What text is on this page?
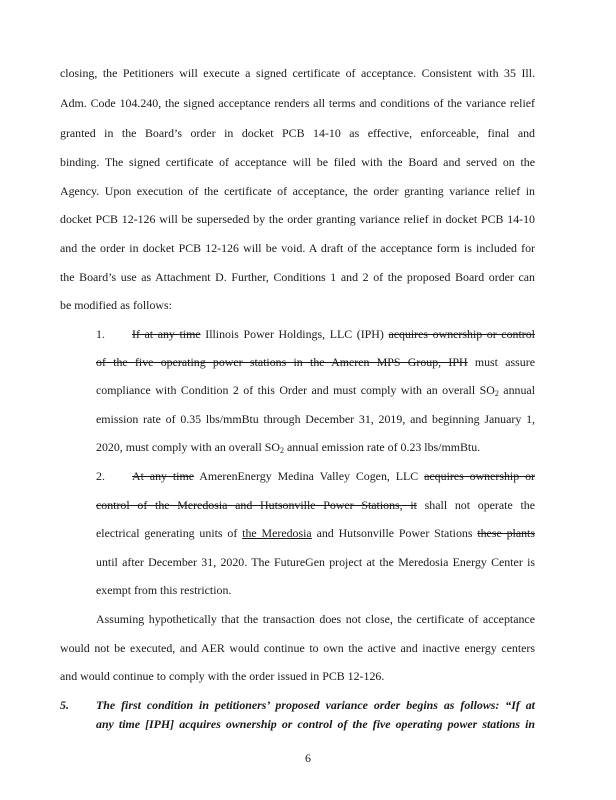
closing, the Petitioners will execute a signed certificate of acceptance. Consistent with 35 Ill.
Adm. Code 104.240, the signed acceptance renders all terms and conditions of the variance relief
granted in the Board’s order in docket PCB 14-10 as effective, enforceable, final and
binding. The signed certificate of acceptance will be filed with the Board and served on the
Agency. Upon execution of the certificate of acceptance, the order granting variance relief in
docket PCB 12-126 will be superseded by the order granting variance relief in docket PCB 14-10
and the order in docket PCB 12-126 will be void. A draft of the acceptance form is included for
the Board’s use as Attachment D. Further, Conditions 1 and 2 of the proposed Board order can
be modified as follows:
1. If at any time Illinois Power Holdings, LLC (IPH) acquires ownership or control
of the five operating power stations in the Ameren MPS Group, IPH must assure
compliance with Condition 2 of this Order and must comply with an overall $SO_2$ annual
emission rate of 0.35 lbs/mmBtu through December 31, 2019, and beginning January 1,
2020, must comply with an overall $SO_2$ annual emission rate of 0.23 lbs/mmBtu.
2. At any time AmerenEnergy Medina Valley Cogen, LLC acquires ownership or
control of the Meredosia and Hutsonville Power Stations, it shall not operate the
electrical generating units of the Meredosia and Hutsonville Power Stations these plants
until after December 31, 2020. The FutureGen project at the Meredosia Energy Center is
exempt from this restriction.
Assuming hypothetically that the transaction does not close, the certificate of acceptance
would not be executed, and AER would continue to own the active and inactive energy centers
and would continue to comply with the order issued in PCB 12-126.
5. The first condition in petitioners’ proposed variance order begins as follows: “If at
any time [IPH] acquires ownership or control of the five operating power stations in
6
